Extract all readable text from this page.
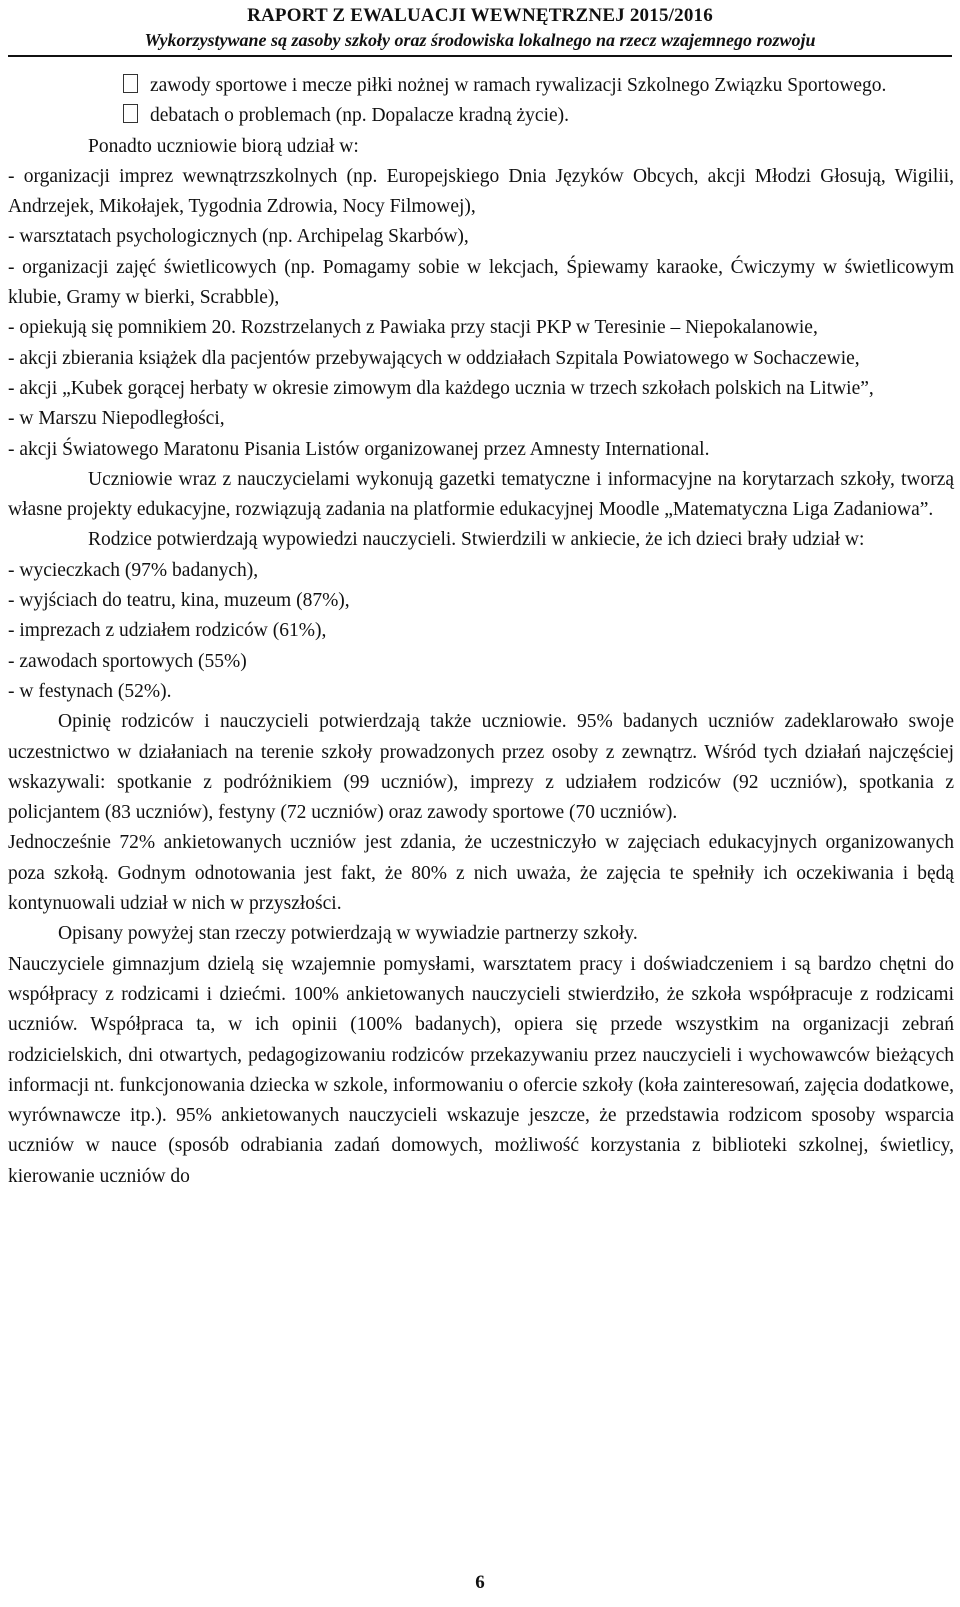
RAPORT Z EWALUACJI WEWNĘTRZNEJ 2015/2016
Wykorzystywane są zasoby szkoły oraz środowiska lokalnego na rzecz wzajemnego rozwoju

zawody sportowe i mecze piłki nożnej w ramach rywalizacji Szkolnego Związku Sportowego.

debatach o problemach (np. Dopalacze kradną życie).

Ponadto uczniowie biorą udział w:

- organizacji imprez wewnątrzszkolnych (np. Europejskiego Dnia Języków Obcych, akcji Młodzi Głosują, Wigilii, Andrzejek, Mikołajek, Tygodnia Zdrowia, Nocy Filmowej),

- warsztatach psychologicznych (np. Archipelag Skarbów),

- organizacji zajęć świetlicowych (np. Pomagamy sobie w lekcjach, Śpiewamy karaoke, Ćwiczymy w świetlicowym klubie, Gramy w bierki, Scrabble),

- opiekują się pomnikiem 20. Rozstrzelanych z Pawiaka przy stacji PKP w Teresinie – Niepokalanowie,

- akcji zbierania książek dla pacjentów przebywających w oddziałach Szpitala Powiatowego w Sochaczewie,

- akcji „Kubek gorącej herbaty w okresie zimowym dla każdego ucznia w trzech szkołach polskich na Litwie”,

- w Marszu Niepodległości,

- akcji Światowego Maratonu Pisania Listów organizowanej przez Amnesty International.

Uczniowie wraz z nauczycielami wykonują gazetki tematyczne i informacyjne na korytarzach szkoły, tworzą własne projekty edukacyjne, rozwiązują zadania na platformie edukacyjnej Moodle „Matematyczna Liga Zadaniowa”.

Rodzice potwierdzają wypowiedzi nauczycieli. Stwierdzili w ankiecie, że ich dzieci brały udział w:

- wycieczkach (97% badanych),

- wyjściach do teatru, kina, muzeum (87%),

- imprezach z udziałem rodziców (61%),

- zawodach sportowych (55%)

- w festynach (52%).

Opinię rodziców i nauczycieli potwierdzają także uczniowie. 95% badanych uczniów zadeklarowało swoje uczestnictwo w działaniach na terenie szkoły prowadzonych przez osoby z zewnątrz. Wśród tych działań najczęściej wskazywali: spotkanie z podróżnikiem (99 uczniów), imprezy z udziałem rodziców (92 uczniów), spotkania z policjantem (83 uczniów), festyny (72 uczniów) oraz zawody sportowe (70 uczniów).

Jednocześnie 72% ankietowanych uczniów jest zdania, że uczestniczyło w zajęciach edukacyjnych organizowanych poza szkołą. Godnym odnotowania jest fakt, że 80% z nich uważa, że zajęcia te spełniły ich oczekiwania i będą kontynuowali udział w nich w przyszłości.

Opisany powyżej stan rzeczy potwierdzają w wywiadzie partnerzy szkoły.

Nauczyciele gimnazjum dzielą się wzajemnie pomysłami, warsztatem pracy i doświadczeniem i są bardzo chętni do współpracy z rodzicami i dziećmi. 100% ankietowanych nauczycieli stwierdziło, że szkoła współpracuje z rodzicami uczniów. Współpraca ta, w ich opinii (100% badanych), opiera się przede wszystkim na organizacji zebrań rodzicielskich, dni otwartych, pedagogizowaniu rodziców przekazywaniu przez nauczycieli i wychowawców bieżących informacji nt. funkcjonowania dziecka w szkole, informowaniu o ofercie szkoły (koła zainteresowań, zajęcia dodatkowe, wyrównawcze itp.). 95% ankietowanych nauczycieli wskazuje jeszcze, że przedstawia rodzicom sposoby wsparcia uczniów w nauce (sposób odrabiania zadań domowych, możliwość korzystania z biblioteki szkolnej, świetlicy, kierowanie uczniów do

6
